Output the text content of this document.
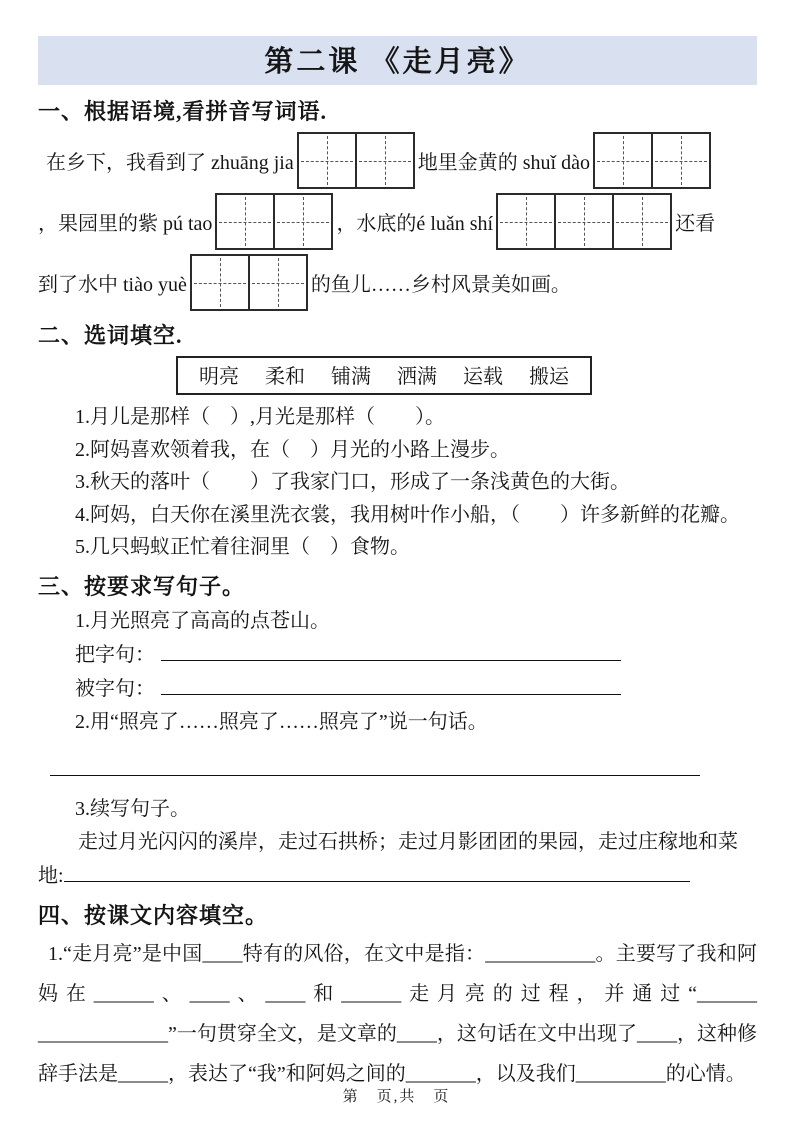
第二课 《走月亮》
一、根据语境,看拼音写词语.
在乡下，我看到了 zhuāng jia	地里金黄的 shuǐ dào
，果园里的紫 pú tao	，水底的é luǎn shí	还看
到了水中 tiào yuè	的鱼儿……乡村风景美如画。
二、选词填空.
明亮 柔和 铺满 洒满 运载 搬运
1.月儿是那样（　）,月光是那样（　　）。
2.阿妈喜欢领着我，在（　）月光的小路上漫步。
3.秋天的落叶（　　）了我家门口，形成了一条浅黄色的大街。
4.阿妈，白天你在溪里洗衣裳，我用树叶作小船，（　　）许多新鲜的花瓣。
5.几只蚂蚁正忙着往洞里（　）食物。
三、按要求写句子。
1.月光照亮了高高的点苍山。
把字句：
被字句：
2.用“照亮了……照亮了……照亮了”说一句话。
3.续写句子。
走过月光闪闪的溪岸，走过石拱桥；走过月影团团的果园，走过庄稼地和菜地:
四、按课文内容填空。
1.“走月亮”是中国____特有的风俗，在文中是指：​___________​。主要写了我和阿妈在______、​____、​____和______​走月亮的过程，并通过“______​_____________”一句贯穿全文，是文章的____，这句话在文中出现了____，这种修辞手法是_____，表达了“我”和阿妈之间的_______，以及我们_____​____的心情。
第　页,共　页
